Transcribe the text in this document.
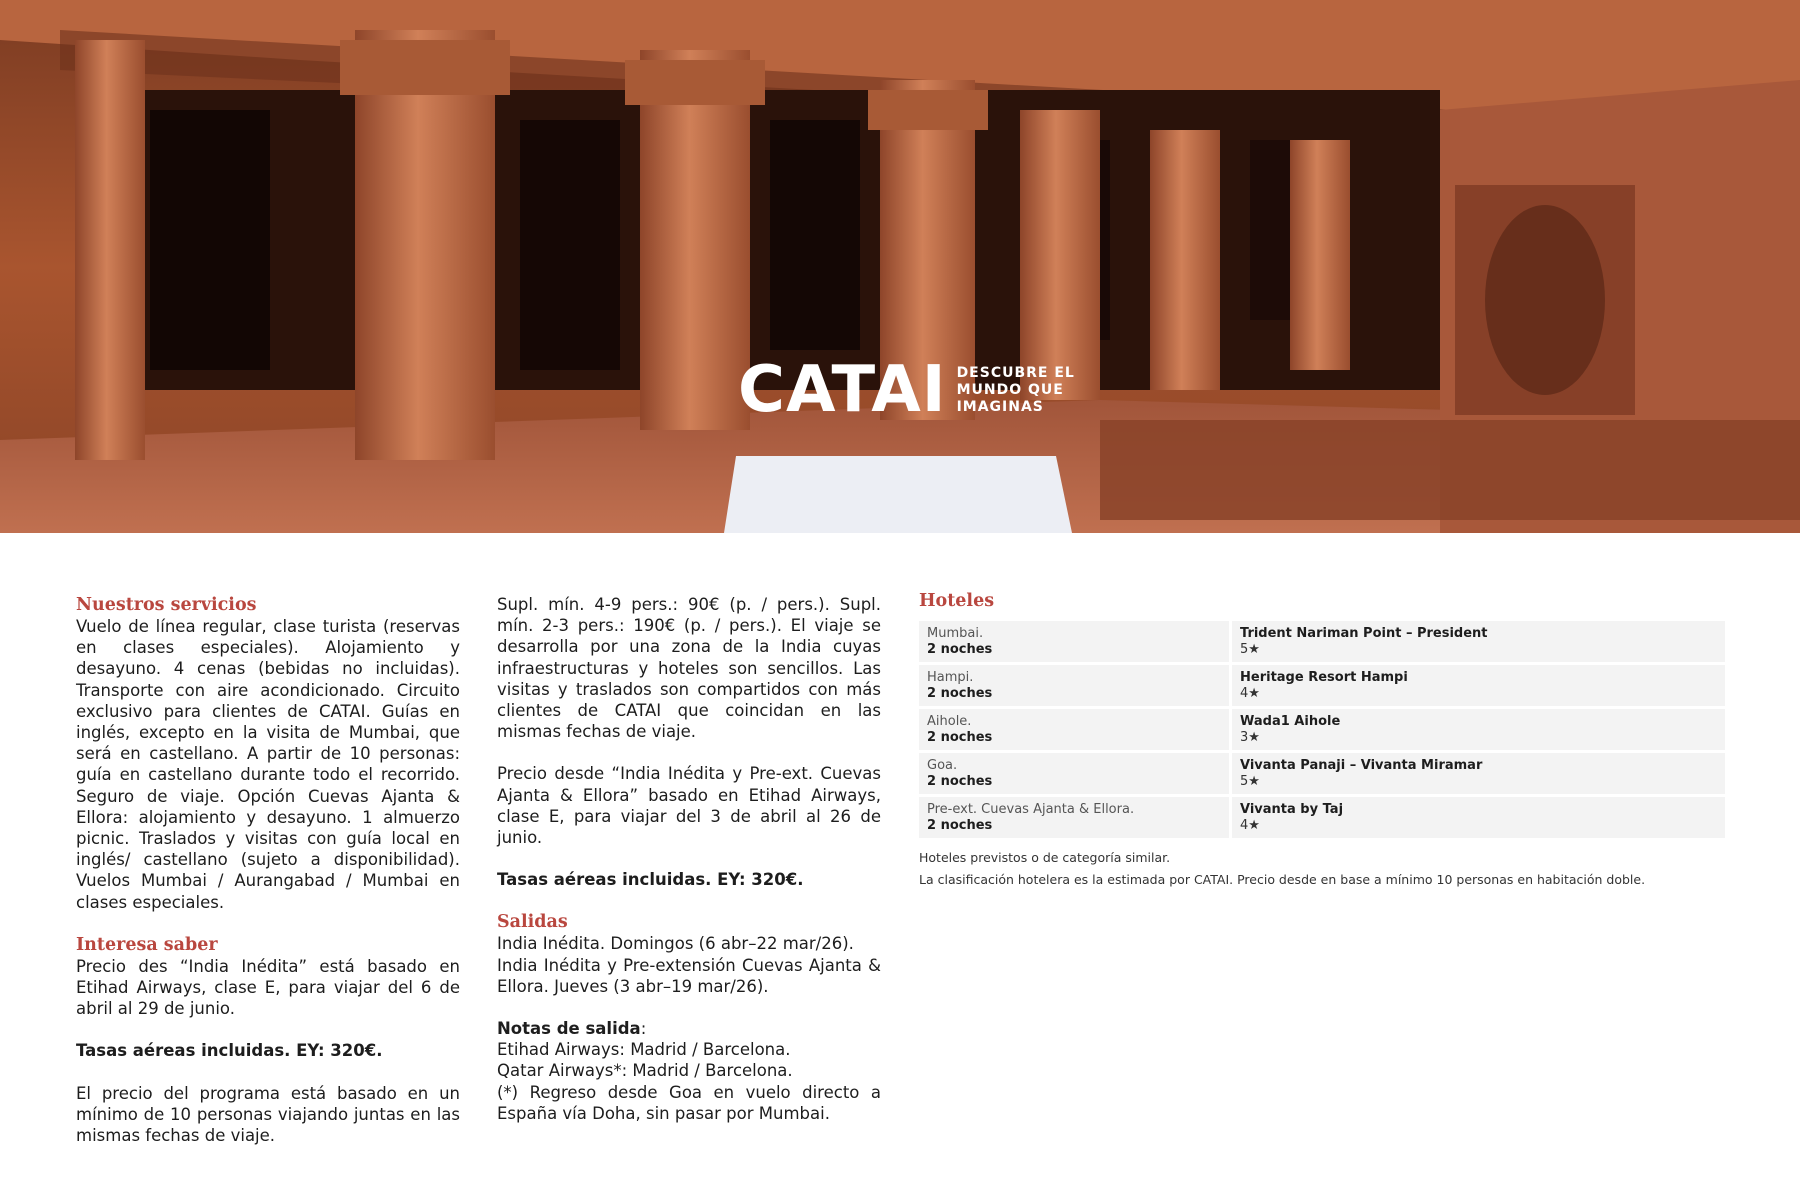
CATAI DESCUBRE EL
MUNDO QUE
IMAGINAS

Nuestros servicios

Vuelo de línea regular, clase turista (reservas en clases especiales). Alojamiento y desayuno. 4 cenas (bebidas no incluidas). Transporte con aire acondicionado. Circuito exclusivo para clientes de CATAI. Guías en inglés, excepto en la visita de Mumbai, que será en castellano. A partir de 10 personas: guía en castellano durante todo el recorrido. Seguro de viaje. Opción Cuevas Ajanta & Ellora: alojamiento y desayuno. 1 almuerzo picnic. Traslados y visitas con guía local en inglés/ castellano (sujeto a disponibilidad). Vuelos Mumbai / Aurangabad / Mumbai en clases especiales.

Interesa saber

Precio des “India Inédita” está basado en Etihad Airways, clase E, para viajar del 6 de abril al 29 de junio.

Tasas aéreas incluidas. EY: 320€.

El precio del programa está basado en un mínimo de 10 personas viajando juntas en las mismas fechas de viaje.

Supl. mín. 4-9 pers.: 90€ (p. / pers.). Supl. mín. 2-3 pers.: 190€ (p. / pers.). El viaje se desarrolla por una zona de la India cuyas infraestructuras y hoteles son sencillos. Las visitas y traslados son compartidos con más clientes de CATAI que coincidan en las mismas fechas de viaje.

Precio desde “India Inédita y Pre-ext. Cuevas Ajanta & Ellora” basado en Etihad Airways, clase E, para viajar del 3 de abril al 26 de junio.

Tasas aéreas incluidas. EY: 320€.

Salidas

India Inédita. Domingos (6 abr–22 mar/26).

India Inédita y Pre-extensión Cuevas Ajanta & Ellora. Jueves (3 abr–19 mar/26).

Notas de salida:

Etihad Airways: Madrid / Barcelona.

Qatar Airways*: Madrid / Barcelona.

(*) Regreso desde Goa en vuelo directo a España vía Doha, sin pasar por Mumbai.

Hoteles

Mumbai.
2 noches
Trident Nariman Point – President
5★
Hampi.
2 noches
Heritage Resort Hampi
4★
Aihole.
2 noches
Wada1 Aihole
3★
Goa.
2 noches
Vivanta Panaji – Vivanta Miramar
5★
Pre-ext. Cuevas Ajanta & Ellora.
2 noches
Vivanta by Taj
4★
Hoteles previstos o de categoría similar.
La clasificación hotelera es la estimada por CATAI. Precio desde en base a mínimo 10 personas en habitación doble.
